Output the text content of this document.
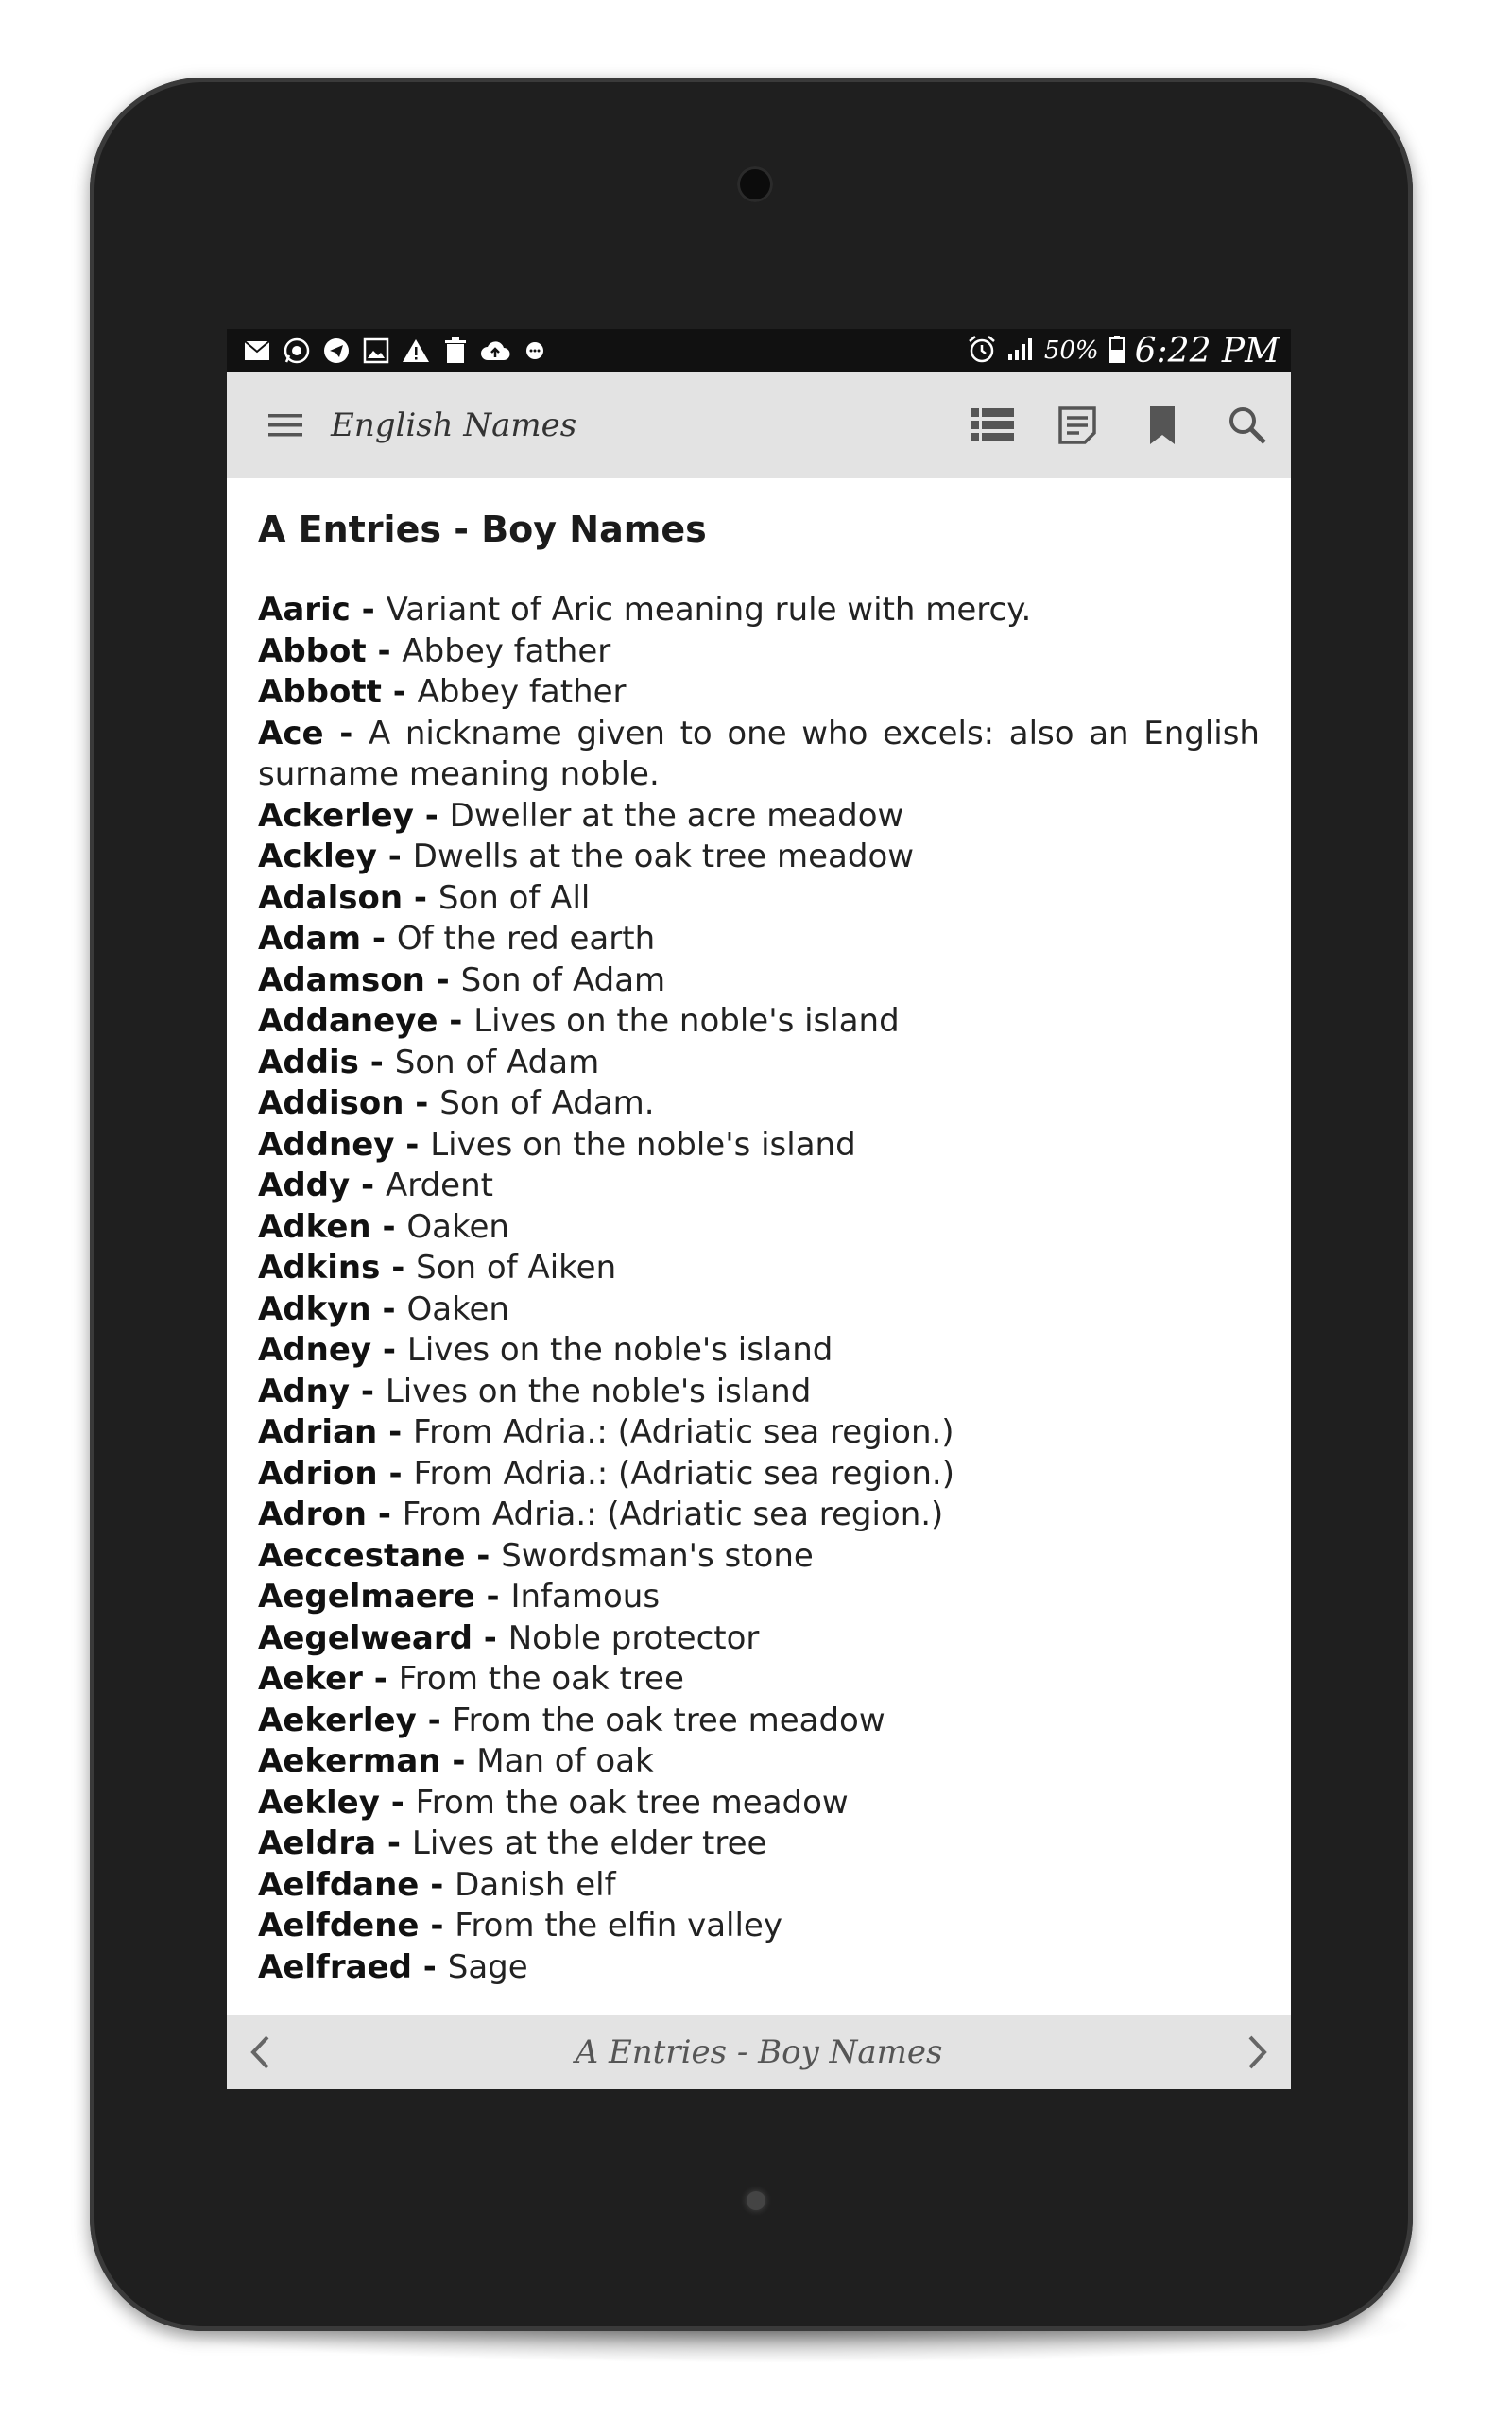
50% 6:22 PM
English Names
A Entries - Boy Names
Aaric - Variant of Aric meaning rule with mercy.
Abbot - Abbey father
Abbott - Abbey father
Ace - A nickname given to one who excels: also an English surname meaning noble.
Ackerley - Dweller at the acre meadow
Ackley - Dwells at the oak tree meadow
Adalson - Son of All
Adam - Of the red earth
Adamson - Son of Adam
Addaneye - Lives on the noble's island
Addis - Son of Adam
Addison - Son of Adam.
Addney - Lives on the noble's island
Addy - Ardent
Adken - Oaken
Adkins - Son of Aiken
Adkyn - Oaken
Adney - Lives on the noble's island
Adny - Lives on the noble's island
Adrian - From Adria.: (Adriatic sea region.)
Adrion - From Adria.: (Adriatic sea region.)
Adron - From Adria.: (Adriatic sea region.)
Aeccestane - Swordsman's stone
Aegelmaere - Infamous
Aegelweard - Noble protector
Aeker - From the oak tree
Aekerley - From the oak tree meadow
Aekerman - Man of oak
Aekley - From the oak tree meadow
Aeldra - Lives at the elder tree
Aelfdane - Danish elf
Aelfdene - From the elfin valley
Aelfraed - Sage
A Entries - Boy Names
